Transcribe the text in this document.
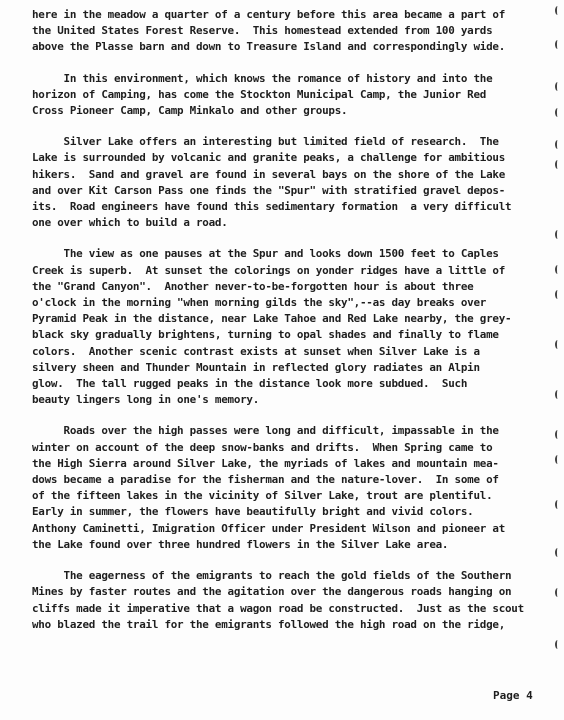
here in the meadow a quarter of a century before this area became a part of
the United States Forest Reserve.  This homestead extended from 100 yards
above the Plasse barn and down to Treasure Island and correspondingly wide.
In this environment, which knows the romance of history and into the
horizon of Camping, has come the Stockton Municipal Camp, the Junior Red
Cross Pioneer Camp, Camp Minkalo and other groups.
Silver Lake offers an interesting but limited field of research.  The
Lake is surrounded by volcanic and granite peaks, a challenge for ambitious
hikers.  Sand and gravel are found in several bays on the shore of the Lake
and over Kit Carson Pass one finds the "Spur" with stratified gravel depos-
its.  Road engineers have found this sedimentary formation  a very difficult
one over which to build a road.
The view as one pauses at the Spur and looks down 1500 feet to Caples
Creek is superb.  At sunset the colorings on yonder ridges have a little of
the "Grand Canyon".  Another never-to-be-forgotten hour is about three
o'clock in the morning "when morning gilds the sky",--as day breaks over
Pyramid Peak in the distance, near Lake Tahoe and Red Lake nearby, the grey-
black sky gradually brightens, turning to opal shades and finally to flame
colors.  Another scenic contrast exists at sunset when Silver Lake is a
silvery sheen and Thunder Mountain in reflected glory radiates an Alpin
glow.  The tall rugged peaks in the distance look more subdued.  Such
beauty lingers long in one's memory.
Roads over the high passes were long and difficult, impassable in the
winter on account of the deep snow-banks and drifts.  When Spring came to
the High Sierra around Silver Lake, the myriads of lakes and mountain mea-
dows became a paradise for the fisherman and the nature-lover.  In some of
of the fifteen lakes in the vicinity of Silver Lake, trout are plentiful.
Early in summer, the flowers have beautifully bright and vivid colors.
Anthony Caminetti, Imigration Officer under President Wilson and pioneer at
the Lake found over three hundred flowers in the Silver Lake area.
The eagerness of the emigrants to reach the gold fields of the Southern
Mines by faster routes and the agitation over the dangerous roads hanging on
cliffs made it imperative that a wagon road be constructed.  Just as the scout
who blazed the trail for the emigrants followed the high road on the ridge,
Page 4
